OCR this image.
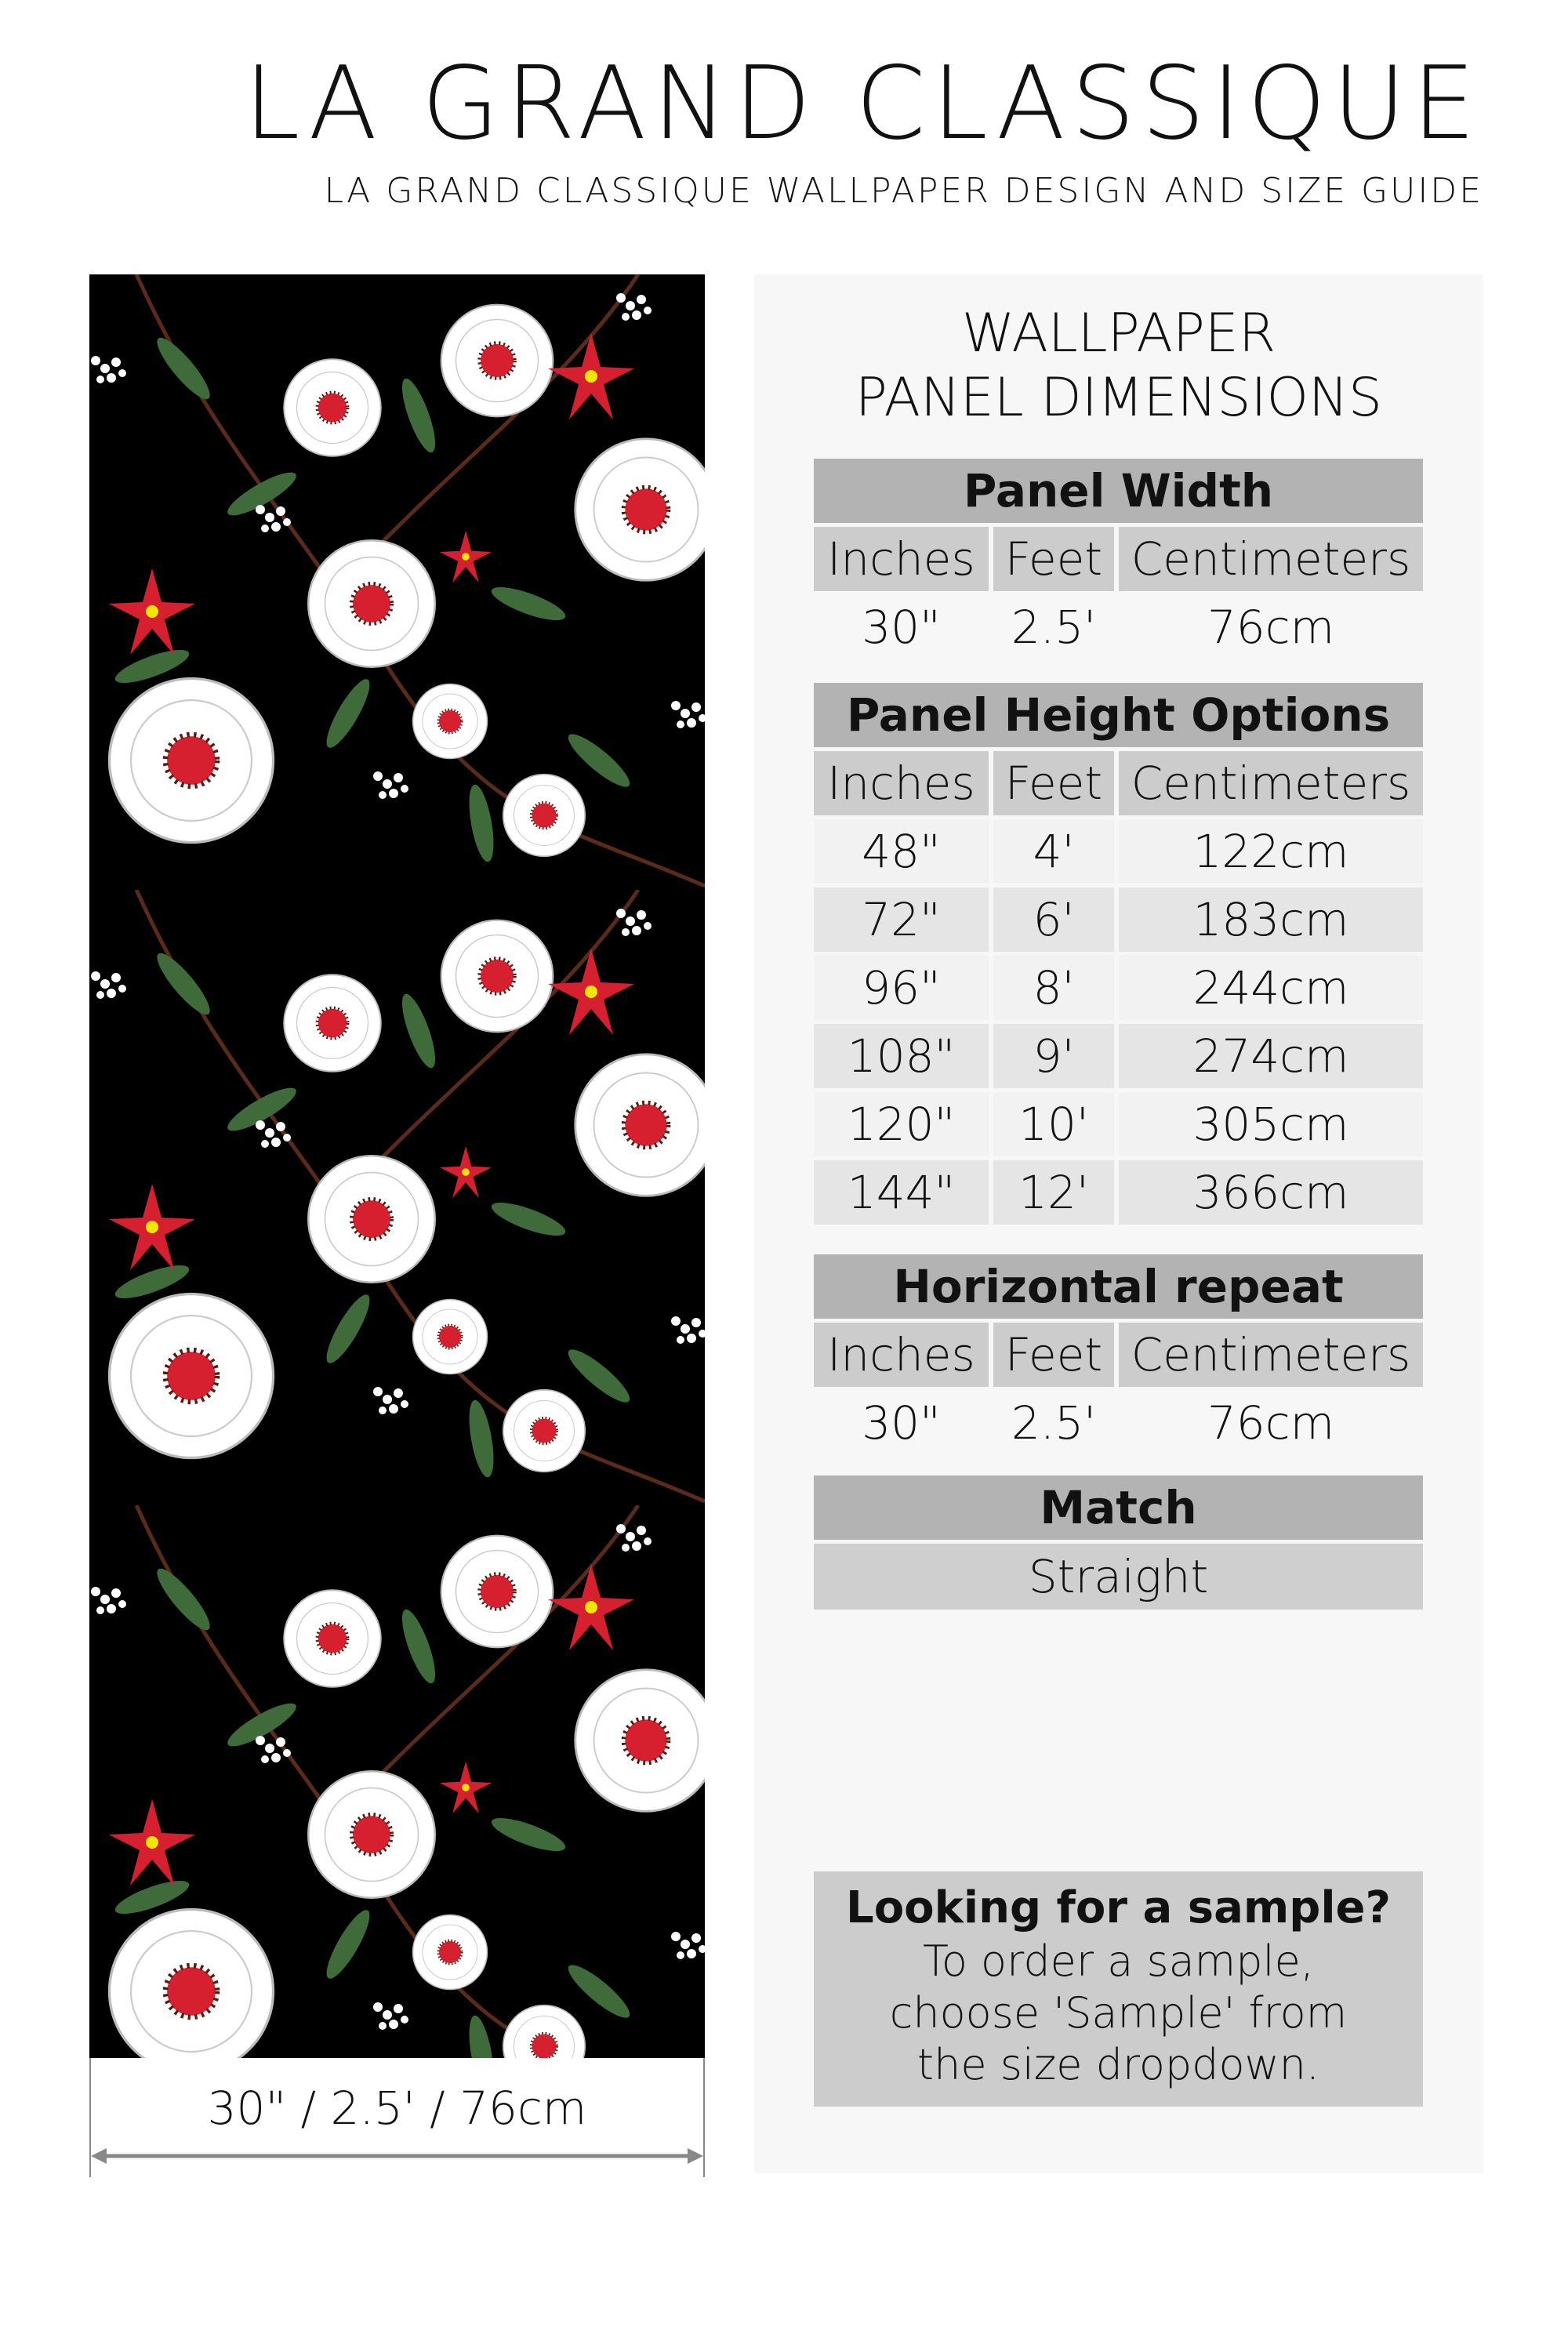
LA GRAND CLASSIQUE
LA GRAND CLASSIQUE WALLPAPER DESIGN AND SIZE GUIDE
30" / 2.5' / 76cm
WALLPAPER
PANEL DIMENSIONS
Panel Width
Inches Feet Centimeters
30"	2.5'	76cm
Panel Height Options
Inches Feet Centimeters
48"	4'	122cm
72"	6'	183cm
96"	8'	244cm
108"	9'	274cm
120"	10'	305cm
144"	12'	366cm
Horizontal repeat
Inches Feet Centimeters
30"	2.5'	76cm
Match
Straight
Looking for a sample?
To order a sample,
choose 'Sample' from
the size dropdown.
